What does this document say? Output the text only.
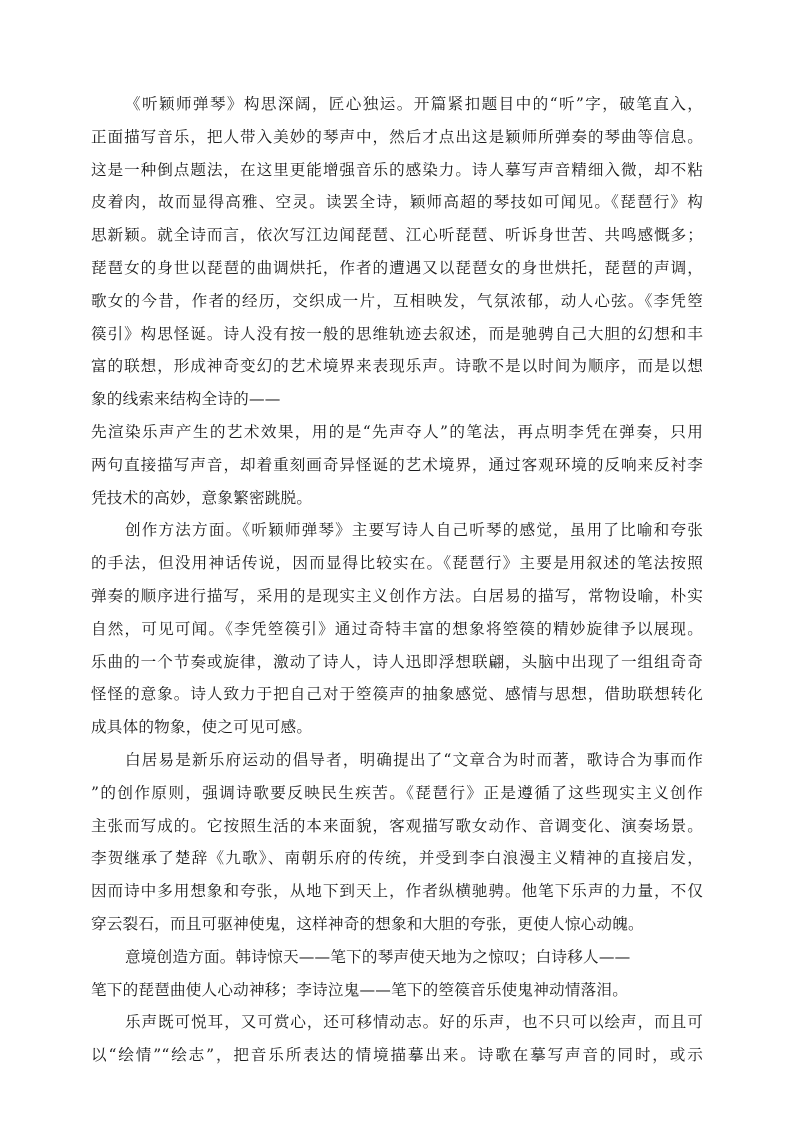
《听颖师弹琴》构思深阔，匠心独运。开篇紧扣题目中的“听”字，破笔直入，
正面描写音乐，把人带入美妙的琴声中，然后才点出这是颖师所弹奏的琴曲等信息。
这是一种倒点题法，在这里更能增强音乐的感染力。诗人摹写声音精细入微，却不粘
皮着肉，故而显得高雅、空灵。读罢全诗，颖师高超的琴技如可闻见。《琵琶行》构
思新颖。就全诗而言，依次写江边闻琵琶、江心听琵琶、听诉身世苦、共鸣感慨多；
琵琶女的身世以琵琶的曲调烘托，作者的遭遇又以琵琶女的身世烘托，琵琶的声调，
歌女的今昔，作者的经历，交织成一片，互相映发，气氛浓郁，动人心弦。《李凭箜
篌引》构思怪诞。诗人没有按一般的思维轨迹去叙述，而是驰骋自己大胆的幻想和丰
富的联想，形成神奇变幻的艺术境界来表现乐声。诗歌不是以时间为顺序，而是以想
象的线索来结构全诗的——
先渲染乐声产生的艺术效果，用的是“先声夺人”的笔法，再点明李凭在弹奏，只用
两句直接描写声音，却着重刻画奇异怪诞的艺术境界，通过客观环境的反响来反衬李
凭技术的高妙，意象繁密跳脱。
创作方法方面。《听颖师弹琴》主要写诗人自己听琴的感觉，虽用了比喻和夸张
的手法，但没用神话传说，因而显得比较实在。《琵琶行》主要是用叙述的笔法按照
弹奏的顺序进行描写，采用的是现实主义创作方法。白居易的描写，常物设喻，朴实
自然，可见可闻。《李凭箜篌引》通过奇特丰富的想象将箜篌的精妙旋律予以展现。
乐曲的一个节奏或旋律，激动了诗人，诗人迅即浮想联翩，头脑中出现了一组组奇奇
怪怪的意象。诗人致力于把自己对于箜篌声的抽象感觉、感情与思想，借助联想转化
成具体的物象，使之可见可感。
白居易是新乐府运动的倡导者，明确提出了“文章合为时而著，歌诗合为事而作
”的创作原则，强调诗歌要反映民生疾苦。《琵琶行》正是遵循了这些现实主义创作
主张而写成的。它按照生活的本来面貌，客观描写歌女动作、音调变化、演奏场景。
李贺继承了楚辞《九歌》、南朝乐府的传统，并受到李白浪漫主义精神的直接启发，
因而诗中多用想象和夸张，从地下到天上，作者纵横驰骋。他笔下乐声的力量，不仅
穿云裂石，而且可驱神使鬼，这样神奇的想象和大胆的夸张，更使人惊心动魄。
意境创造方面。韩诗惊天——笔下的琴声使天地为之惊叹；白诗移人——
笔下的琵琶曲使人心动神移；李诗泣鬼——笔下的箜篌音乐使鬼神动情落泪。
乐声既可悦耳，又可赏心，还可移情动志。好的乐声，也不只可以绘声，而且可
以“绘情”“绘志”，把音乐所表达的情境描摹出来。诗歌在摹写声音的同时，或示
